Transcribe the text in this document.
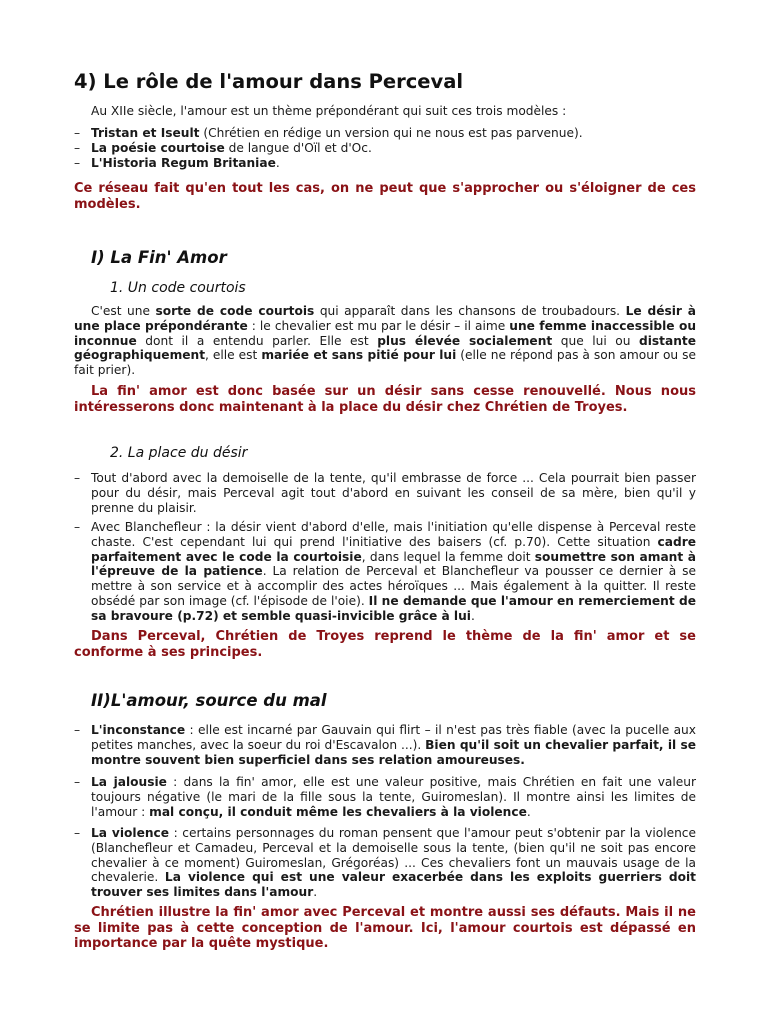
4) Le rôle de l'amour dans Perceval
Au XIIe siècle, l'amour est un thème prépondérant qui suit ces trois modèles :
– Tristan et Iseult (Chrétien en rédige un version qui ne nous est pas parvenue).
– La poésie courtoise de langue d'Oïl et d'Oc.
– L'Historia Regum Britaniae.
Ce réseau fait qu'en tout les cas, on ne peut que s'approcher ou s'éloigner de ces modèles.
I) La Fin' Amor
1. Un code courtois
C'est une sorte de code courtois qui apparaît dans les chansons de troubadours. Le désir à une place prépondérante : le chevalier est mu par le désir – il aime une femme inaccessible ou inconnue dont il a entendu parler. Elle est plus élevée socialement que lui ou distante géographiquement, elle est mariée et sans pitié pour lui (elle ne répond pas à son amour ou se fait prier).
La fin' amor est donc basée sur un désir sans cesse renouvellé. Nous nous intéresserons donc maintenant à la place du désir chez Chrétien de Troyes.
2. La place du désir
– Tout d'abord avec la demoiselle de la tente, qu'il embrasse de force ... Cela pourrait bien passer pour du désir, mais Perceval agit tout d'abord en suivant les conseil de sa mère, bien qu'il y prenne du plaisir.
– Avec Blanchefleur : la désir vient d'abord d'elle, mais l'initiation qu'elle dispense à Perceval reste chaste. C'est cependant lui qui prend l'initiative des baisers (cf. p.70). Cette situation cadre parfaitement avec le code la courtoisie, dans lequel la femme doit soumettre son amant à l'épreuve de la patience. La relation de Perceval et Blanchefleur va pousser ce dernier à se mettre à son service et à accomplir des actes héroïques ... Mais également à la quitter. Il reste obsédé par son image (cf. l'épisode de l'oie). Il ne demande que l'amour en remerciement de sa bravoure (p.72) et semble quasi-invicible grâce à lui.
Dans Perceval, Chrétien de Troyes reprend le thème de la fin' amor et se conforme à ses principes.
II)L'amour, source du mal
– L'inconstance : elle est incarné par Gauvain qui flirt – il n'est pas très fiable (avec la pucelle aux petites manches, avec la soeur du roi d'Escavalon ...). Bien qu'il soit un chevalier parfait, il se montre souvent bien superficiel dans ses relation amoureuses.
– La jalousie : dans la fin' amor, elle est une valeur positive, mais Chrétien en fait une valeur toujours négative (le mari de la fille sous la tente, Guiromeslan). Il montre ainsi les limites de l'amour : mal conçu, il conduit même les chevaliers à la violence.
– La violence : certains personnages du roman pensent que l'amour peut s'obtenir par la violence (Blanchefleur et Camadeu, Perceval et la demoiselle sous la tente, (bien qu'il ne soit pas encore chevalier à ce moment) Guiromeslan, Grégoréas) ... Ces chevaliers font un mauvais usage de la chevalerie. La violence qui est une valeur exacerbée dans les exploits guerriers doit trouver ses limites dans l'amour.
Chrétien illustre la fin' amor avec Perceval et montre aussi ses défauts. Mais il ne se limite pas à cette conception de l'amour. Ici, l'amour courtois est dépassé en importance par la quête mystique.
